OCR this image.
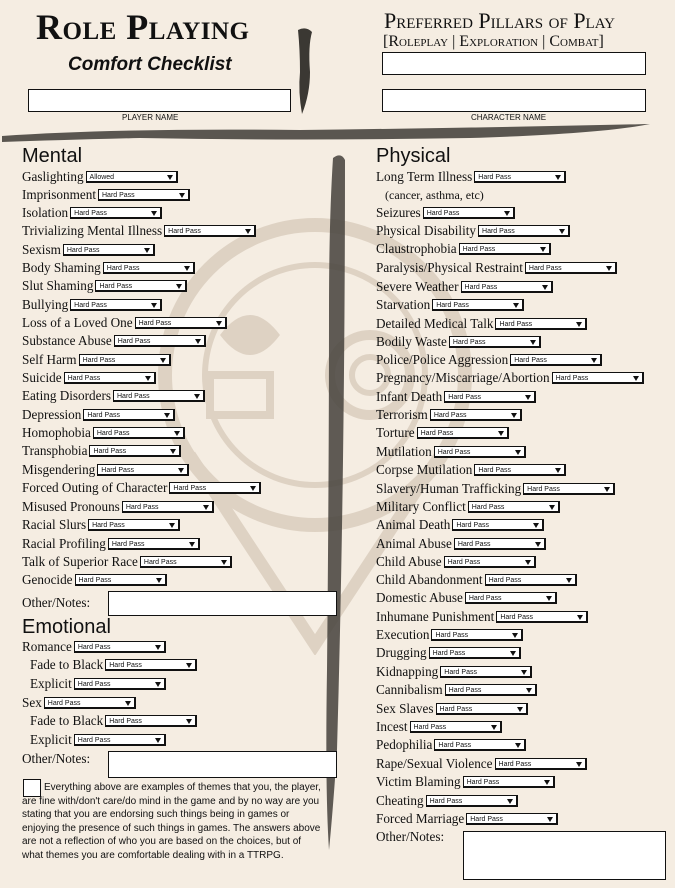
Role Playing
Comfort Checklist
Preferred Pillars of Play
[Roleplay | Exploration | Combat]
PLAYER NAME	CHARACTER NAME
Mental	Physical
Emotional
Gaslighting Allowed
Imprisonment Hard Pass
Isolation Hard Pass
Trivializing Mental Illness Hard Pass
Sexism Hard Pass
Body Shaming Hard Pass
Slut Shaming Hard Pass
Bullying Hard Pass
Loss of a Loved One Hard Pass
Substance Abuse Hard Pass
Self Harm Hard Pass
Suicide Hard Pass
Eating Disorders Hard Pass
Depression Hard Pass
Homophobia Hard Pass
Transphobia Hard Pass
Misgendering Hard Pass
Forced Outing of Character Hard Pass
Misused Pronouns Hard Pass
Racial Slurs Hard Pass
Racial Profiling Hard Pass
Talk of Superior Race Hard Pass
Genocide Hard Pass
Other/Notes:
Romance Hard Pass
Fade to Black Hard Pass
Explicit Hard Pass
Sex Hard Pass
Fade to Black Hard Pass
Explicit Hard Pass
Other/Notes:
Long Term Illness Hard Pass
Seizures Hard Pass
Physical Disability Hard Pass
Claustrophobia Hard Pass
Paralysis/Physical Restraint Hard Pass
Severe Weather Hard Pass
Starvation Hard Pass
Detailed Medical Talk Hard Pass
Bodily Waste Hard Pass
Police/Police Aggression Hard Pass
Pregnancy/Miscarriage/Abortion Hard Pass
Infant Death Hard Pass
Terrorism Hard Pass
Torture Hard Pass
Mutilation Hard Pass
Corpse Mutilation Hard Pass
Slavery/Human Trafficking Hard Pass
Military Conflict Hard Pass
Animal Death Hard Pass
Animal Abuse Hard Pass
Child Abuse Hard Pass
Child Abandonment Hard Pass
Domestic Abuse Hard Pass
Inhumane Punishment Hard Pass
Execution Hard Pass
Drugging Hard Pass
Kidnapping Hard Pass
Cannibalism Hard Pass
Sex Slaves Hard Pass
Incest Hard Pass
Pedophilia Hard Pass
Rape/Sexual Violence Hard Pass
Victim Blaming Hard Pass
Cheating Hard Pass
Forced Marriage Hard Pass
(cancer, asthma, etc)
Other/Notes:
Everything above are examples of themes that you, the player, are fine with/don't care/do mind in the game and by no way are you stating that you are endorsing such things being in games or enjoying the presence of such things in games. The answers above are not a reflection of who you are based on the choices, but of what themes you are comfortable dealing with in a TTRPG.
